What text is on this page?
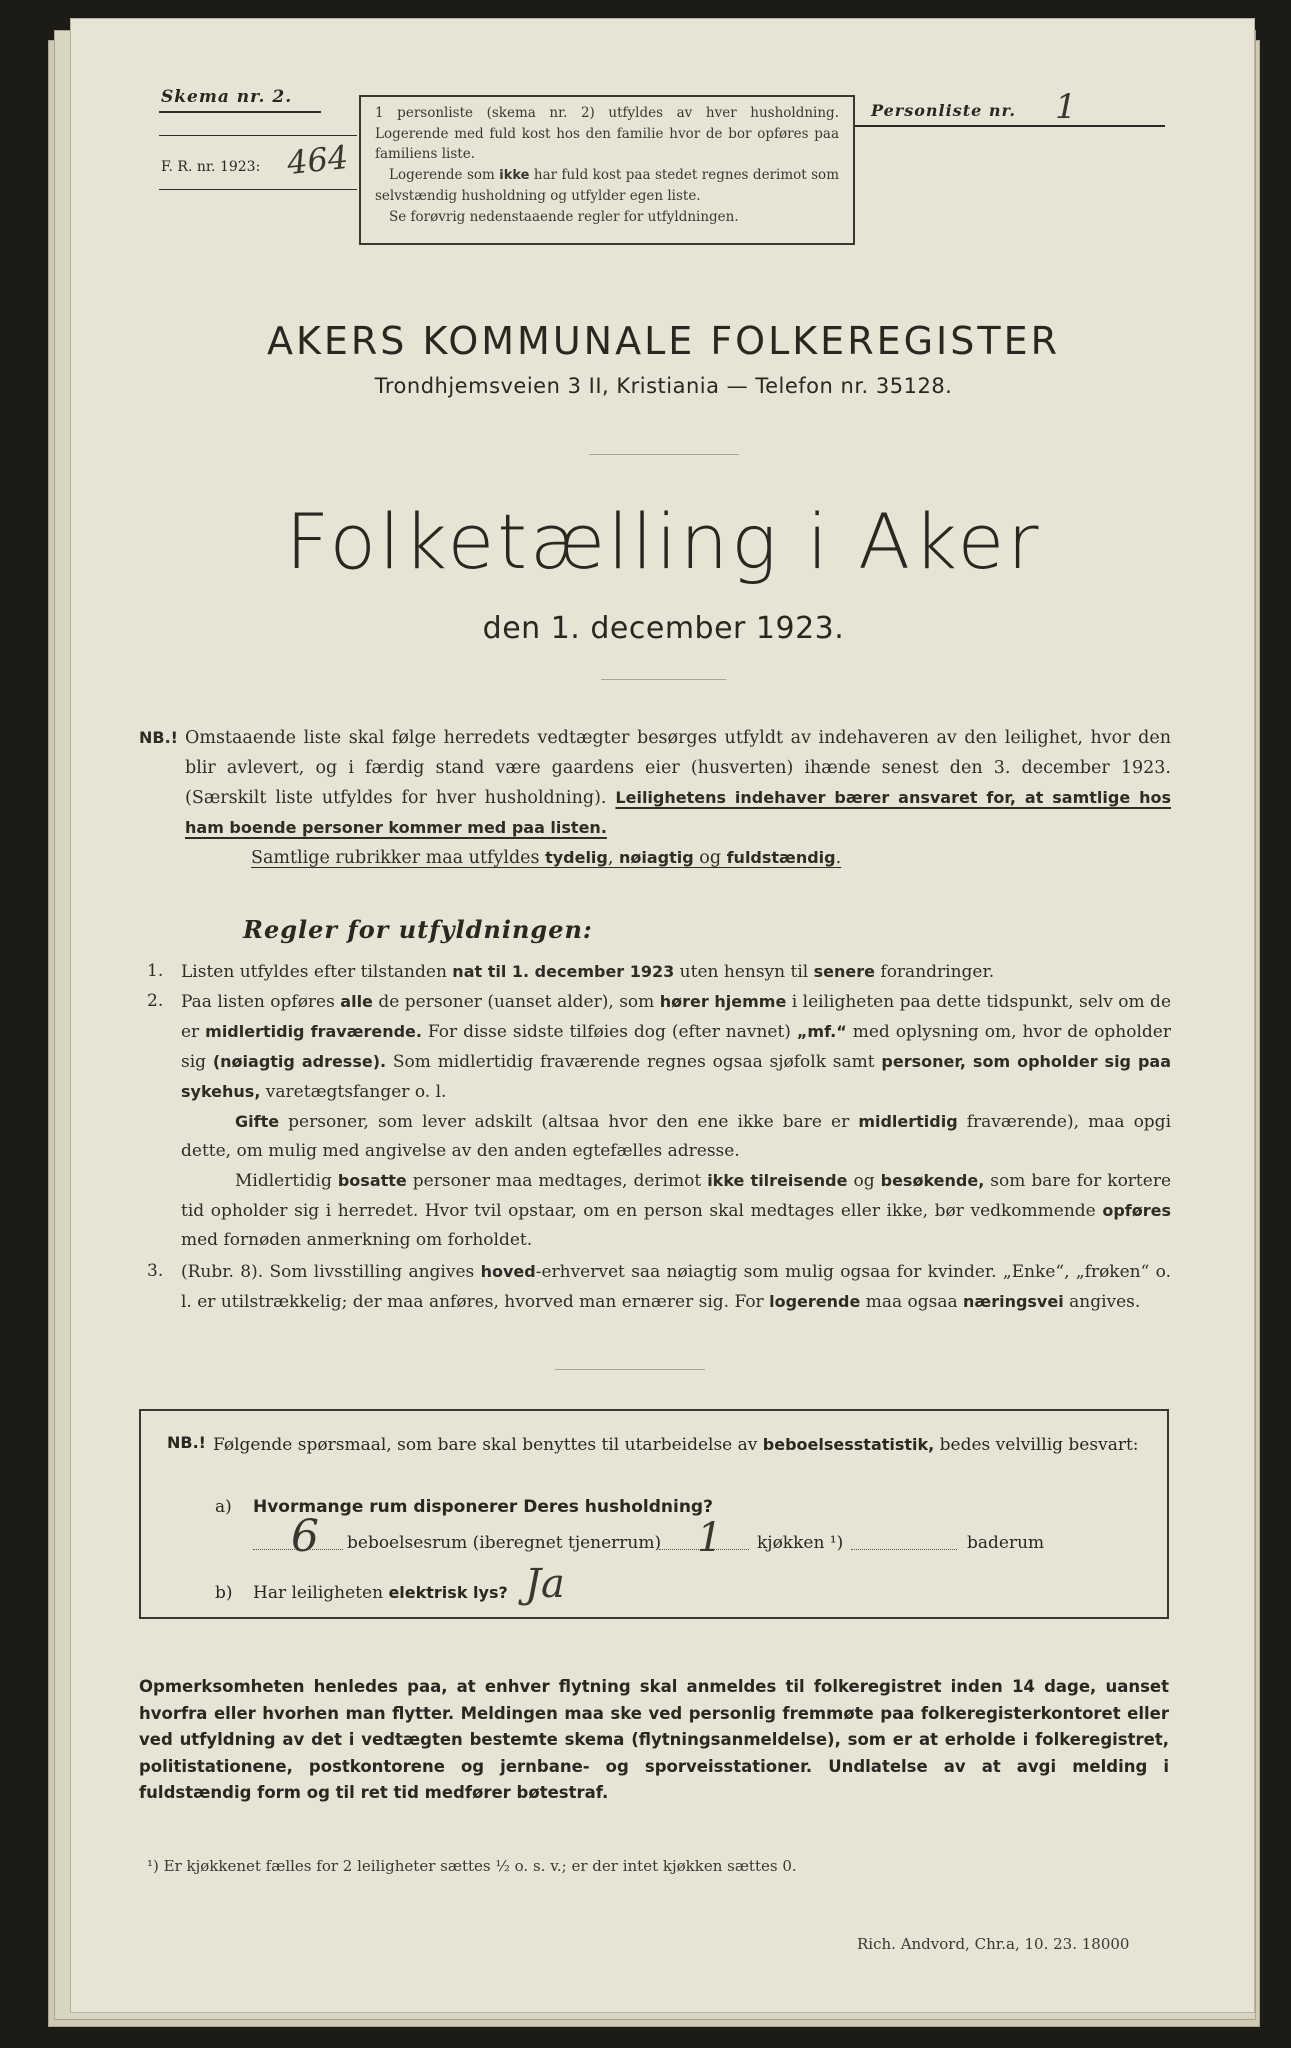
Skema nr. 2.
F. R. nr. 1923: 464

1 personliste (skema nr. 2) utfyldes av hver husholdning. Logerende med fuld kost hos den familie hvor de bor opføres paa familiens liste.

Logerende som ikke har fuld kost paa stedet regnes derimot som selvstændig husholdning og utfylder egen liste.

Se forøvrig nedenstaaende regler for utfyldningen.

Personliste nr. 1
AKERS KOMMUNALE FOLKEREGISTER
Trondhjemsveien 3 II, Kristiania — Telefon nr. 35128.
Folketælling i Aker
den 1. december 1923.
NB.! Omstaaende liste skal følge herredets vedtægter besørges utfyldt av indehaveren av den leilighet, hvor den blir avlevert, og i færdig stand være gaardens eier (husverten) ihænde senest den 3. december 1923. (Særskilt liste utfyldes for hver husholdning). Leilighetens indehaver bærer ansvaret for, at samtlige hos ham boende personer kommer med paa listen.

Samtlige rubrikker maa utfyldes tydelig, nøiagtig og fuldstændig.

Regler for utfyldningen:
1. Listen utfyldes efter tilstanden nat til 1. december 1923 uten hensyn til senere forandringer.
2. Paa listen opføres alle de personer (uanset alder), som hører hjemme i leiligheten paa dette tidspunkt, selv om de er midlertidig fraværende. For disse sidste tilføies dog (efter navnet) „mf.“ med oplysning om, hvor de opholder sig (nøiagtig adresse). Som midlertidig fraværende regnes ogsaa sjøfolk samt personer, som opholder sig paa sykehus, varetægtsfanger o. l.
Gifte personer, som lever adskilt (altsaa hvor den ene ikke bare er midlertidig fraværende), maa opgi dette, om mulig med angivelse av den anden egtefælles adresse.
Midlertidig bosatte personer maa medtages, derimot ikke tilreisende og besøkende, som bare for kortere tid opholder sig i herredet. Hvor tvil opstaar, om en person skal medtages eller ikke, bør vedkommende opføres med fornøden anmerkning om forholdet.
3. (Rubr. 8). Som livsstilling angives hoved-erhvervet saa nøiagtig som mulig ogsaa for kvinder. „Enke“, „frøken“ o. l. er utilstrækkelig; der maa anføres, hvorved man ernærer sig. For logerende maa ogsaa næringsvei angives.
NB.! Følgende spørsmaal, som bare skal benyttes til utarbeidelse av beboelsesstatistik, bedes velvillig besvart:
a) Hvormange rum disponerer Deres husholdning?
6 beboelsesrum (iberegnet tjenerrum) 1 kjøkken ¹)	baderum
b) Har leiligheten elektrisk lys? Ja
Opmerksomheten henledes paa, at enhver flytning skal anmeldes til folkeregistret inden 14 dage, uanset hvorfra eller hvorhen man flytter. Meldingen maa ske ved personlig fremmøte paa folkeregisterkontoret eller ved utfyldning av det i vedtægten bestemte skema (flytningsanmeldelse), som er at erholde i folkeregistret, politistationene, postkontorene og jernbane- og sporveisstationer. Undlatelse av at avgi melding i fuldstændig form og til ret tid medfører bøtestraf.
¹) Er kjøkkenet fælles for 2 leiligheter sættes ½ o. s. v.; er der intet kjøkken sættes 0.
Rich. Andvord, Chr.a, 10. 23. 18000
